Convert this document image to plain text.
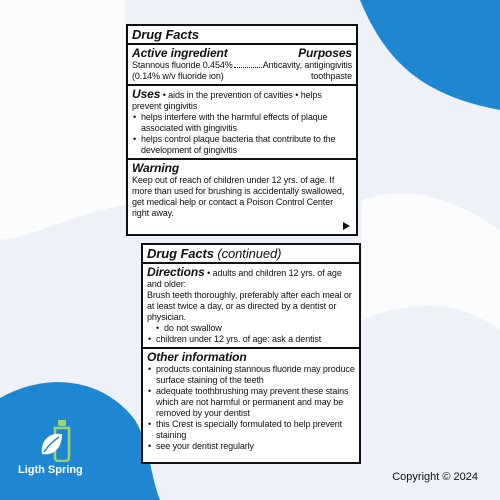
Drug Facts
Active ingredient	Purposes
Stannous fluoride 0.454%	Anticavity, antigingivitis
(0.14% w/v fluoride ion)	toothpaste
Uses • aids in the prevention of cavities • helps prevent gingivitis
• helps interfere with the harmful effects of plaque associated with gingivitis
• helps control plaque bacteria that contribute to the development of gingivitis
Warning
Keep out of reach of children under 12 yrs. of age. If more than used for brushing is accidentally swallowed, get medical help or contact a Poison Control Center right away.
Drug Facts (continued)
Directions • adults and children 12 yrs. of age and older:
Brush teeth thoroughly, preferably after each meal or at least twice a day, or as directed by a dentist or physician.
• do not swallow
• children under 12 yrs. of age: ask a dentist
Other information
• products containing stannous fluoride may produce surface staining of the teeth
• adequate toothbrushing may prevent these stains which are not harmful or permanent and may be removed by your dentist
• this Crest is specially formulated to help prevent staining
• see your dentist regularly
Ligth Spring
Copyright © 2024
